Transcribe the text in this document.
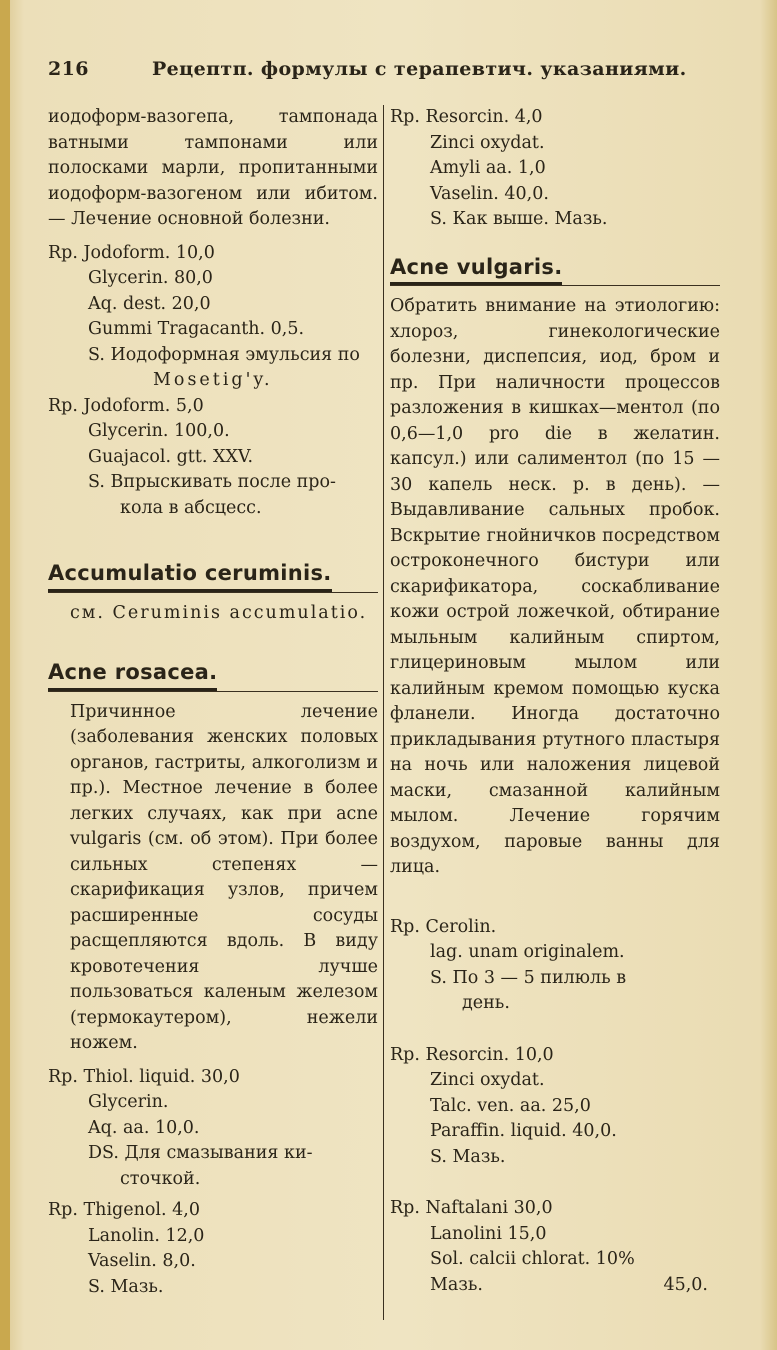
216	Рецептп. формулы с терапевтич. указаниями.
иодоформ-вазогепа, тампонада ватными тампонами или полосками марли, пропитанными иодоформ-вазогеном или ибитом. — Лечение основной болезни.
Rp. Jodoform. 10,0
Glycerin. 80,0
Aq. dest. 20,0
Gummi Tragacanth. 0,5.
S. Иодоформная эмульсия по
Mosetig'y.
Rp. Jodoform. 5,0
Glycerin. 100,0.
Guajacol. gtt. XXV.
S. Впрыскивать после про-
кола в абсцесс.
Accumulatio ceruminis.
см. Ceruminis accumulatio.
Acne rosacea.
Причинное лечение (заболевания женских половых органов, гастриты, алкоголизм и пр.). Местное лечение в более легких случаях, как при acne vulgaris (см. об этом). При более сильных степенях — скарификация узлов, причем расширенные сосуды расщепляются вдоль. В виду кровотечения лучше пользоваться каленым железом (термокаутером), нежели ножем.
Rp. Thiol. liquid. 30,0
Glycerin.
Aq. aa. 10,0.
DS. Для смазывания ки-
сточкой.
Rp. Thigenol. 4,0
Lanolin. 12,0
Vaselin. 8,0.
S. Мазь.
Rp. Resorcin. 4,0
Zinci oxydat.
Amyli aa. 1,0
Vaselin. 40,0.
S. Как выше. Мазь.
Acne vulgaris.
Обратить внимание на этиологию: хлороз, гинекологические болезни, диспепсия, иод, бром и пр. При наличности процессов разложения в кишках—ментол (по 0,6—1,0 pro die в желатин. капсул.) или салиментол (по 15 — 30 капель неск. р. в день). — Выдавливание сальных пробок. Вскрытие гнойничков посредством остроконечного бистури или скарификатора, соскабливание кожи острой ложечкой, обтирание мыльным калийным спиртом, глицериновым мылом или калийным кремом помощью куска фланели. Иногда достаточно прикладывания ртутного пластыря на ночь или наложения лицевой маски, смазанной калийным мылом. Лечение горячим воздухом, паровые ванны для лица.
Rp. Cerolin.
lag. unam originalem.
S. По 3 — 5 пилюль в
день.
Rp. Resorcin. 10,0
Zinci oxydat.
Talc. ven. aa. 25,0
Paraffin. liquid. 40,0.
S. Мазь.
Rp. Naftalani 30,0
Lanolini 15,0
Sol. calcii chlorat. 10%
Мазь.	45,0.
